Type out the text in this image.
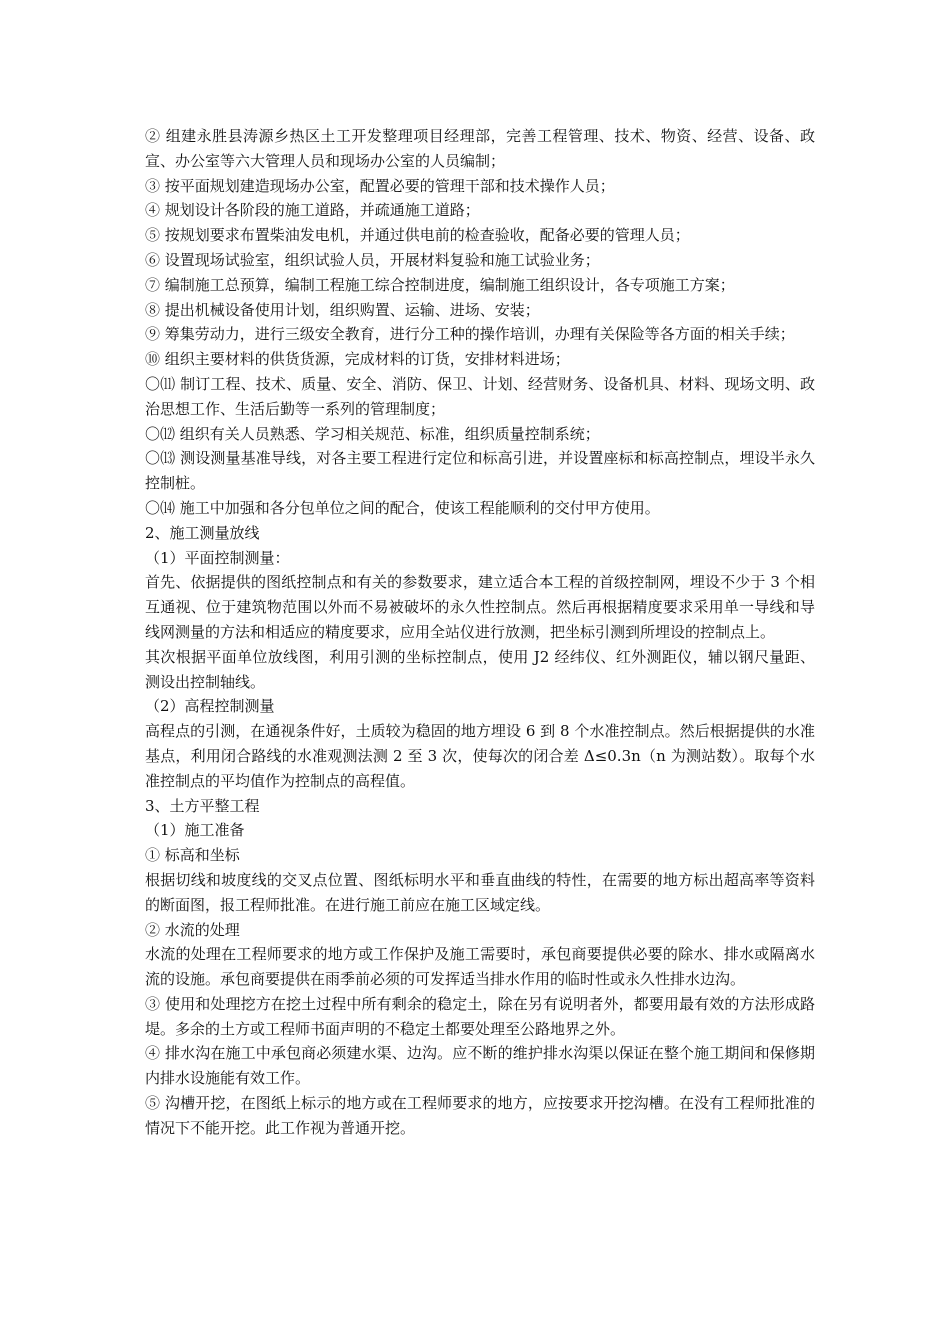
② 组建永胜县涛源乡热区土工开发整理项目经理部，完善工程管理、技术、物资、经营、设备、政宣、办公室等六大管理人员和现场办公室的人员编制；

③ 按平面规划建造现场办公室，配置必要的管理干部和技术操作人员；

④ 规划设计各阶段的施工道路，并疏通施工道路；

⑤ 按规划要求布置柴油发电机，并通过供电前的检查验收，配备必要的管理人员；

⑥ 设置现场试验室，组织试验人员，开展材料复验和施工试验业务；

⑦ 编制施工总预算，编制工程施工综合控制进度，编制施工组织设计，各专项施工方案；

⑧ 提出机械设备使用计划，组织购置、运输、进场、安装；

⑨ 筹集劳动力，进行三级安全教育，进行分工种的操作培训，办理有关保险等各方面的相关手续；

⑩ 组织主要材料的供货货源，完成材料的订货，安排材料进场；

〇⑾ 制订工程、技术、质量、安全、消防、保卫、计划、经营财务、设备机具、材料、现场文明、政治思想工作、生活后勤等一系列的管理制度；

〇⑿ 组织有关人员熟悉、学习相关规范、标准，组织质量控制系统；

〇⒀ 测设测量基准导线，对各主要工程进行定位和标高引进，并设置座标和标高控制点，埋设半永久控制桩。

〇⒁ 施工中加强和各分包单位之间的配合，使该工程能顺利的交付甲方使用。

2、施工测量放线

（1）平面控制测量：

首先、依据提供的图纸控制点和有关的参数要求，建立适合本工程的首级控制网，埋设不少于 3 个相互通视、位于建筑物范围以外而不易被破坏的永久性控制点。然后再根据精度要求采用单一导线和导线网测量的方法和相适应的精度要求，应用全站仪进行放测，把坐标引测到所埋设的控制点上。

其次根据平面单位放线图，利用引测的坐标控制点，使用 J2 经纬仪、红外测距仪，辅以钢尺量距、测设出控制轴线。

（2）高程控制测量

高程点的引测，在通视条件好，土质较为稳固的地方埋设 6 到 8 个水准控制点。然后根据提供的水准基点，利用闭合路线的水准观测法测 2 至 3 次，使每次的闭合差 Δ≤0.3n（n 为测站数）。取每个水准控制点的平均值作为控制点的高程值。

3、土方平整工程

（1）施工准备

① 标高和坐标

根据切线和坡度线的交叉点位置、图纸标明水平和垂直曲线的特性，在需要的地方标出超高率等资料的断面图，报工程师批准。在进行施工前应在施工区域定线。

② 水流的处理

水流的处理在工程师要求的地方或工作保护及施工需要时，承包商要提供必要的除水、排水或隔离水流的设施。承包商要提供在雨季前必须的可发挥适当排水作用的临时性或永久性排水边沟。

③ 使用和处理挖方在挖土过程中所有剩余的稳定土，除在另有说明者外，都要用最有效的方法形成路堤。多余的土方或工程师书面声明的不稳定土都要处理至公路地界之外。

④ 排水沟在施工中承包商必须建水渠、边沟。应不断的维护排水沟渠以保证在整个施工期间和保修期内排水设施能有效工作。

⑤ 沟槽开挖，在图纸上标示的地方或在工程师要求的地方，应按要求开挖沟槽。在没有工程师批准的情况下不能开挖。此工作视为普通开挖。
